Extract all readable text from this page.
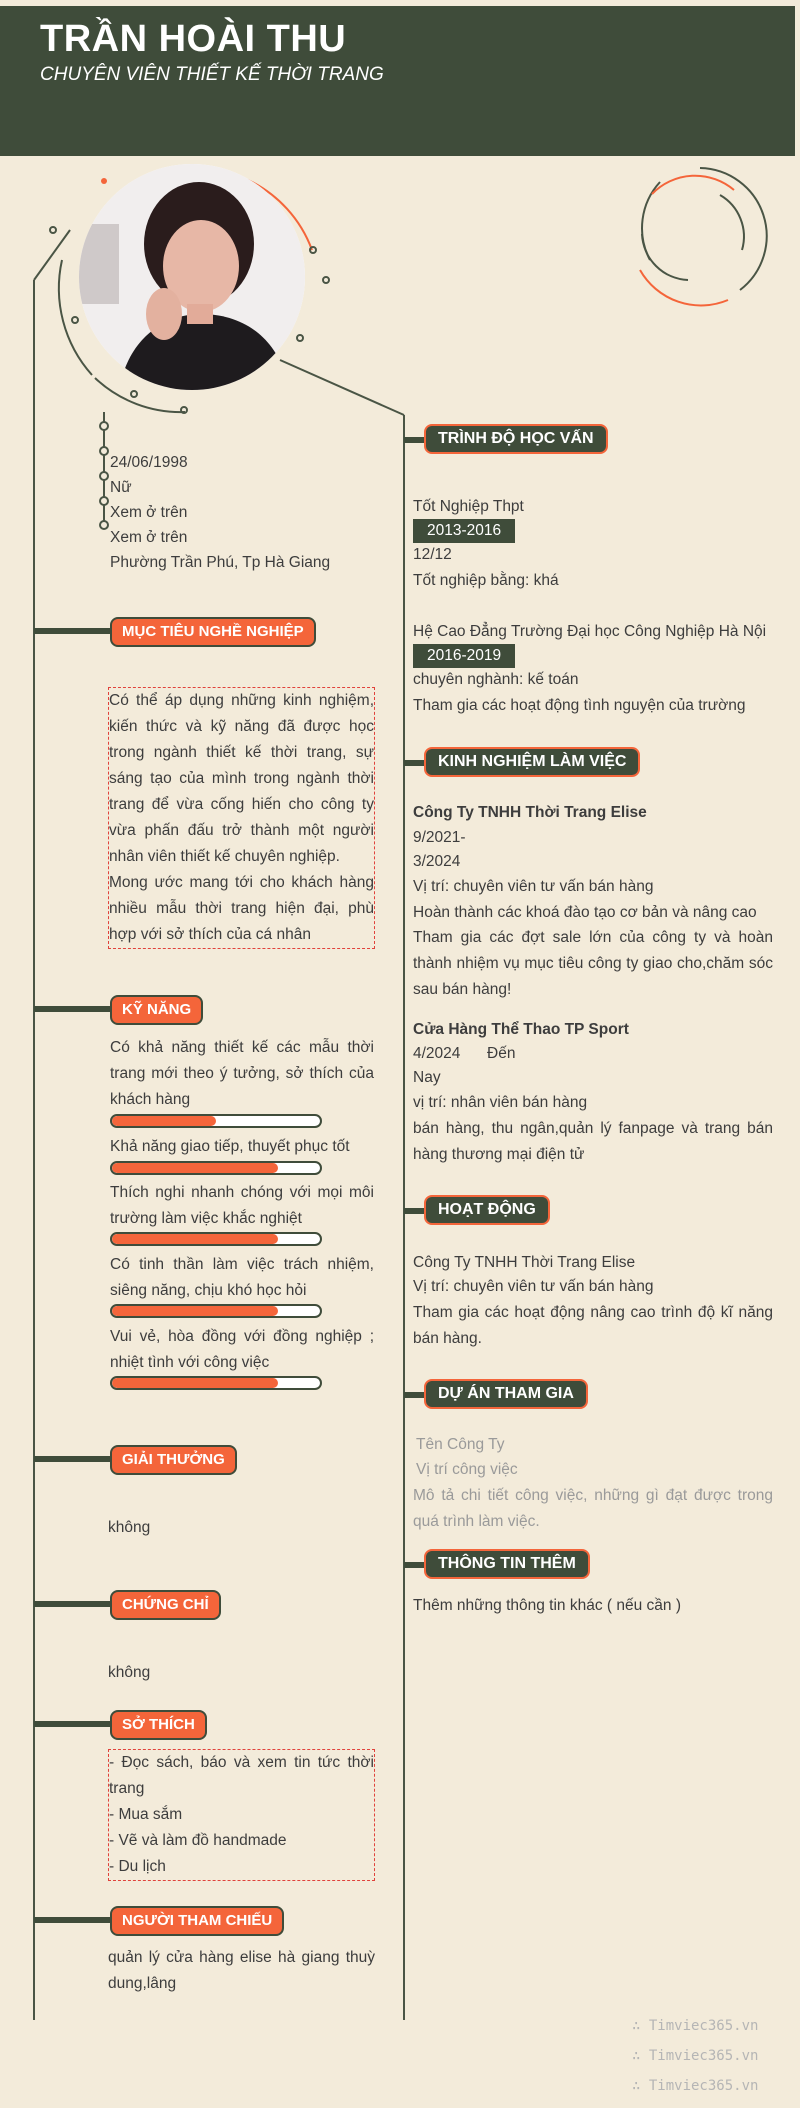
TRẦN HOÀI THU
CHUYÊN VIÊN THIẾT KẾ THỜI TRANG
24/06/1998
Nữ
Xem ở trên
Xem ở trên
Phường Trần Phú, Tp Hà Giang
MỤC TIÊU NGHỀ NGHIỆP
Có thể áp dụng những kinh nghiệm, kiến thức và kỹ năng đã được học trong ngành thiết kế thời trang, sự sáng tạo của mình trong ngành thời trang để vừa cống hiến cho công ty vừa phấn đấu trở thành một người nhân viên thiết kế chuyên nghiệp.
Mong ước mang tới cho khách hàng nhiều mẫu thời trang hiện đại, phù hợp với sở thích của cá nhân
KỸ NĂNG
Có khả năng thiết kế các mẫu thời trang mới theo ý tưởng, sở thích của khách hàng
Khả năng giao tiếp, thuyết phục tốt
Thích nghi nhanh chóng với mọi môi trường làm việc khắc nghiệt
Có tinh thần làm việc trách nhiệm, siêng năng, chịu khó học hỏi
Vui vẻ, hòa đồng với đồng nghiệp ; nhiệt tình với công việc
GIẢI THƯỞNG
không
CHỨNG CHỈ
không
SỞ THÍCH
- Đọc sách, báo và xem tin tức thời trang
- Mua sắm
- Vẽ và làm đồ handmade
- Du lịch
NGƯỜI THAM CHIẾU
quản lý cửa hàng elise hà giang thuỳ dung,lâng
TRÌNH ĐỘ HỌC VẤN
Tốt Nghiệp Thpt
2013-2016
12/12
Tốt nghiệp bằng: khá
Hệ Cao Đẳng Trường Đại học Công Nghiệp Hà Nội
2016-2019
chuyên nghành: kế toán
Tham gia các hoạt động tình nguyện của trường
KINH NGHIỆM LÀM VIỆC
Công Ty TNHH Thời Trang Elise
9/2021-
3/2024
Vị trí: chuyên viên tư vấn bán hàng
Hoàn thành các khoá đào tạo cơ bản và nâng cao
Tham gia các đợt sale lớn của công ty và hoàn thành nhiệm vụ mục tiêu công ty giao cho,chăm sóc sau bán hàng!
Cửa Hàng Thể Thao TP Sport
4/2024 Đến
Nay
vị trí: nhân viên bán hàng
bán hàng, thu ngân,quản lý fanpage và trang bán hàng thương mại điện tử
HOẠT ĐỘNG
Công Ty TNHH Thời Trang Elise
Vị trí: chuyên viên tư vấn bán hàng
Tham gia các hoạt động nâng cao trình độ kĩ năng bán hàng.
DỰ ÁN THAM GIA
Tên Công Ty
Vị trí công việc
Mô tả chi tiết công việc, những gì đạt được trong quá trình làm việc.
THÔNG TIN THÊM
Thêm những thông tin khác ( nếu cần )
∴ Timviec365.vn
∴ Timviec365.vn
∴ Timviec365.vn
